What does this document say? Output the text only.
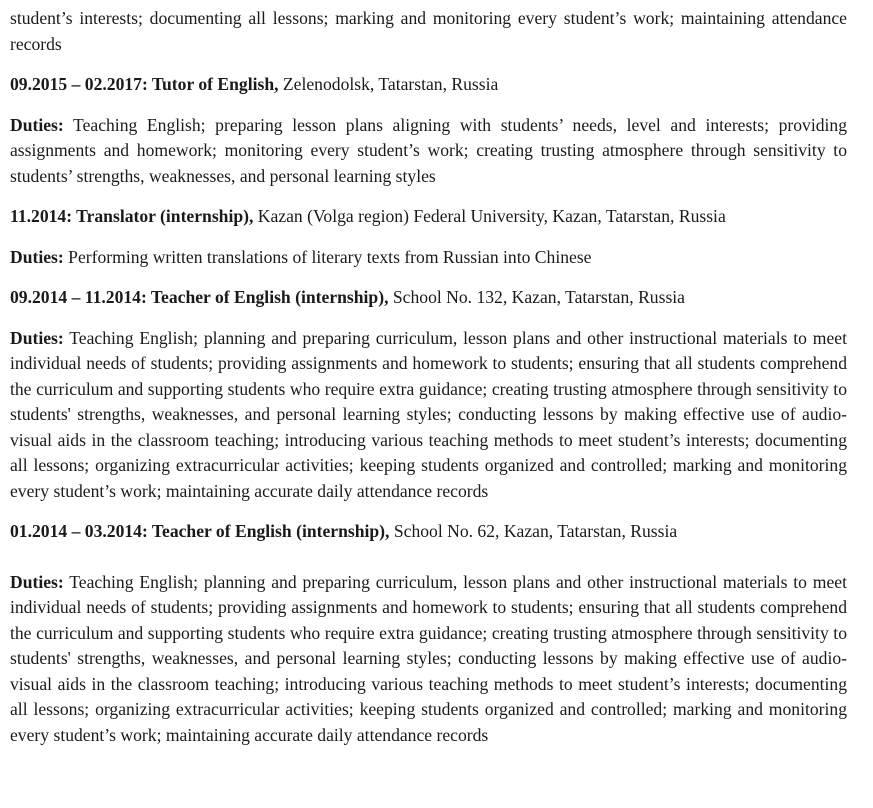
student’s interests; documenting all lessons; marking and monitoring every student’s work; maintaining attendance records

09.2015 – 02.2017: Tutor of English, Zelenodolsk, Tatarstan, Russia

Duties: Teaching English; preparing lesson plans aligning with students’ needs, level and interests; providing assignments and homework; monitoring every student’s work; creating trusting atmosphere through sensitivity to students’ strengths, weaknesses, and personal learning styles

11.2014: Translator (internship), Kazan (Volga region) Federal University, Kazan, Tatarstan, Russia

Duties: Performing written translations of literary texts from Russian into Chinese

09.2014 – 11.2014: Teacher of English (internship), School No. 132, Kazan, Tatarstan, Russia

Duties: Teaching English; planning and preparing curriculum, lesson plans and other instructional materials to meet individual needs of students; providing assignments and homework to students; ensuring that all students comprehend the curriculum and supporting students who require extra guidance; creating trusting atmosphere through sensitivity to students' strengths, weaknesses, and personal learning styles; conducting lessons by making effective use of audio-visual aids in the classroom teaching; introducing various teaching methods to meet student’s interests; documenting all lessons; organizing extracurricular activities; keeping students organized and controlled; marking and monitoring every student’s work; maintaining accurate daily attendance records

01.2014 – 03.2014: Teacher of English (internship), School No. 62, Kazan, Tatarstan, Russia

Duties: Teaching English; planning and preparing curriculum, lesson plans and other instructional materials to meet individual needs of students; providing assignments and homework to students; ensuring that all students comprehend the curriculum and supporting students who require extra guidance; creating trusting atmosphere through sensitivity to students' strengths, weaknesses, and personal learning styles; conducting lessons by making effective use of audio-visual aids in the classroom teaching; introducing various teaching methods to meet student’s interests; documenting all lessons; organizing extracurricular activities; keeping students organized and controlled; marking and monitoring every student’s work; maintaining accurate daily attendance records
